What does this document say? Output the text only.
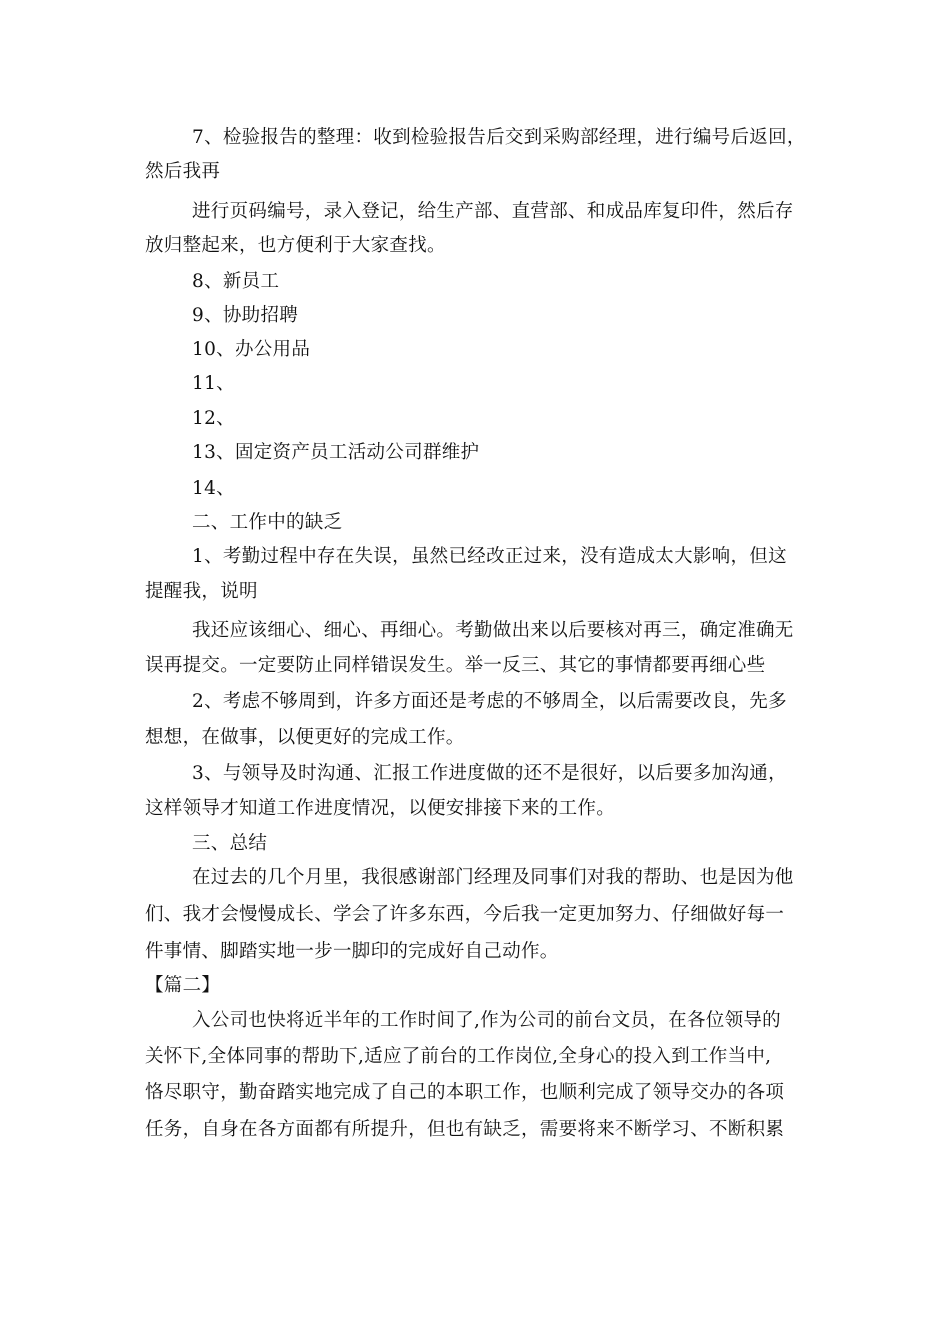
7、检验报告的整理：收到检验报告后交到采购部经理，进行编号后返回，
然后我再
进行页码编号，录入登记，给生产部、直营部、和成品库复印件，然后存
放归整起来，也方便利于大家查找。
8、新员工
9、协助招聘
10、办公用品
11、
12、
13、固定资产员工活动公司群维护
14、
二、工作中的缺乏
1、考勤过程中存在失误，虽然已经改正过来，没有造成太大影响，但这
提醒我，说明
我还应该细心、细心、再细心。考勤做出来以后要核对再三，确定准确无
误再提交。一定要防止同样错误发生。举一反三、其它的事情都要再细心些
2、考虑不够周到，许多方面还是考虑的不够周全，以后需要改良，先多
想想，在做事，以便更好的完成工作。
3、与领导及时沟通、汇报工作进度做的还不是很好，以后要多加沟通，
这样领导才知道工作进度情况，以便安排接下来的工作。
三、总结
在过去的几个月里，我很感谢部门经理及同事们对我的帮助、也是因为他
们、我才会慢慢成长、学会了许多东西，今后我一定更加努力、仔细做好每一
件事情、脚踏实地一步一脚印的完成好自己动作。
【篇二】
入公司也快将近半年的工作时间了,作为公司的前台文员，在各位领导的
关怀下,全体同事的帮助下,适应了前台的工作岗位,全身心的投入到工作当中,
恪尽职守，勤奋踏实地完成了自己的本职工作，也顺利完成了领导交办的各项
任务，自身在各方面都有所提升，但也有缺乏，需要将来不断学习、不断积累
